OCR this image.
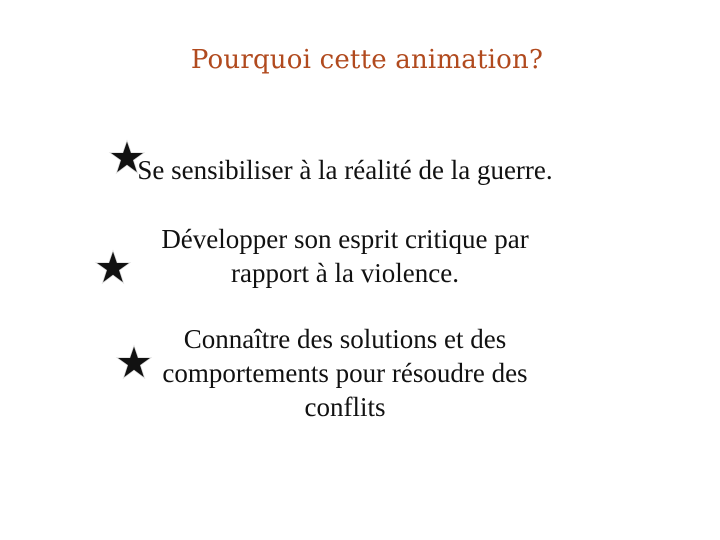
Pourquoi cette animation?
Se sensibiliser à la réalité de la guerre.
Développer son esprit critique par
rapport à la violence.
Connaître des solutions et des
comportements pour résoudre des
conflits
